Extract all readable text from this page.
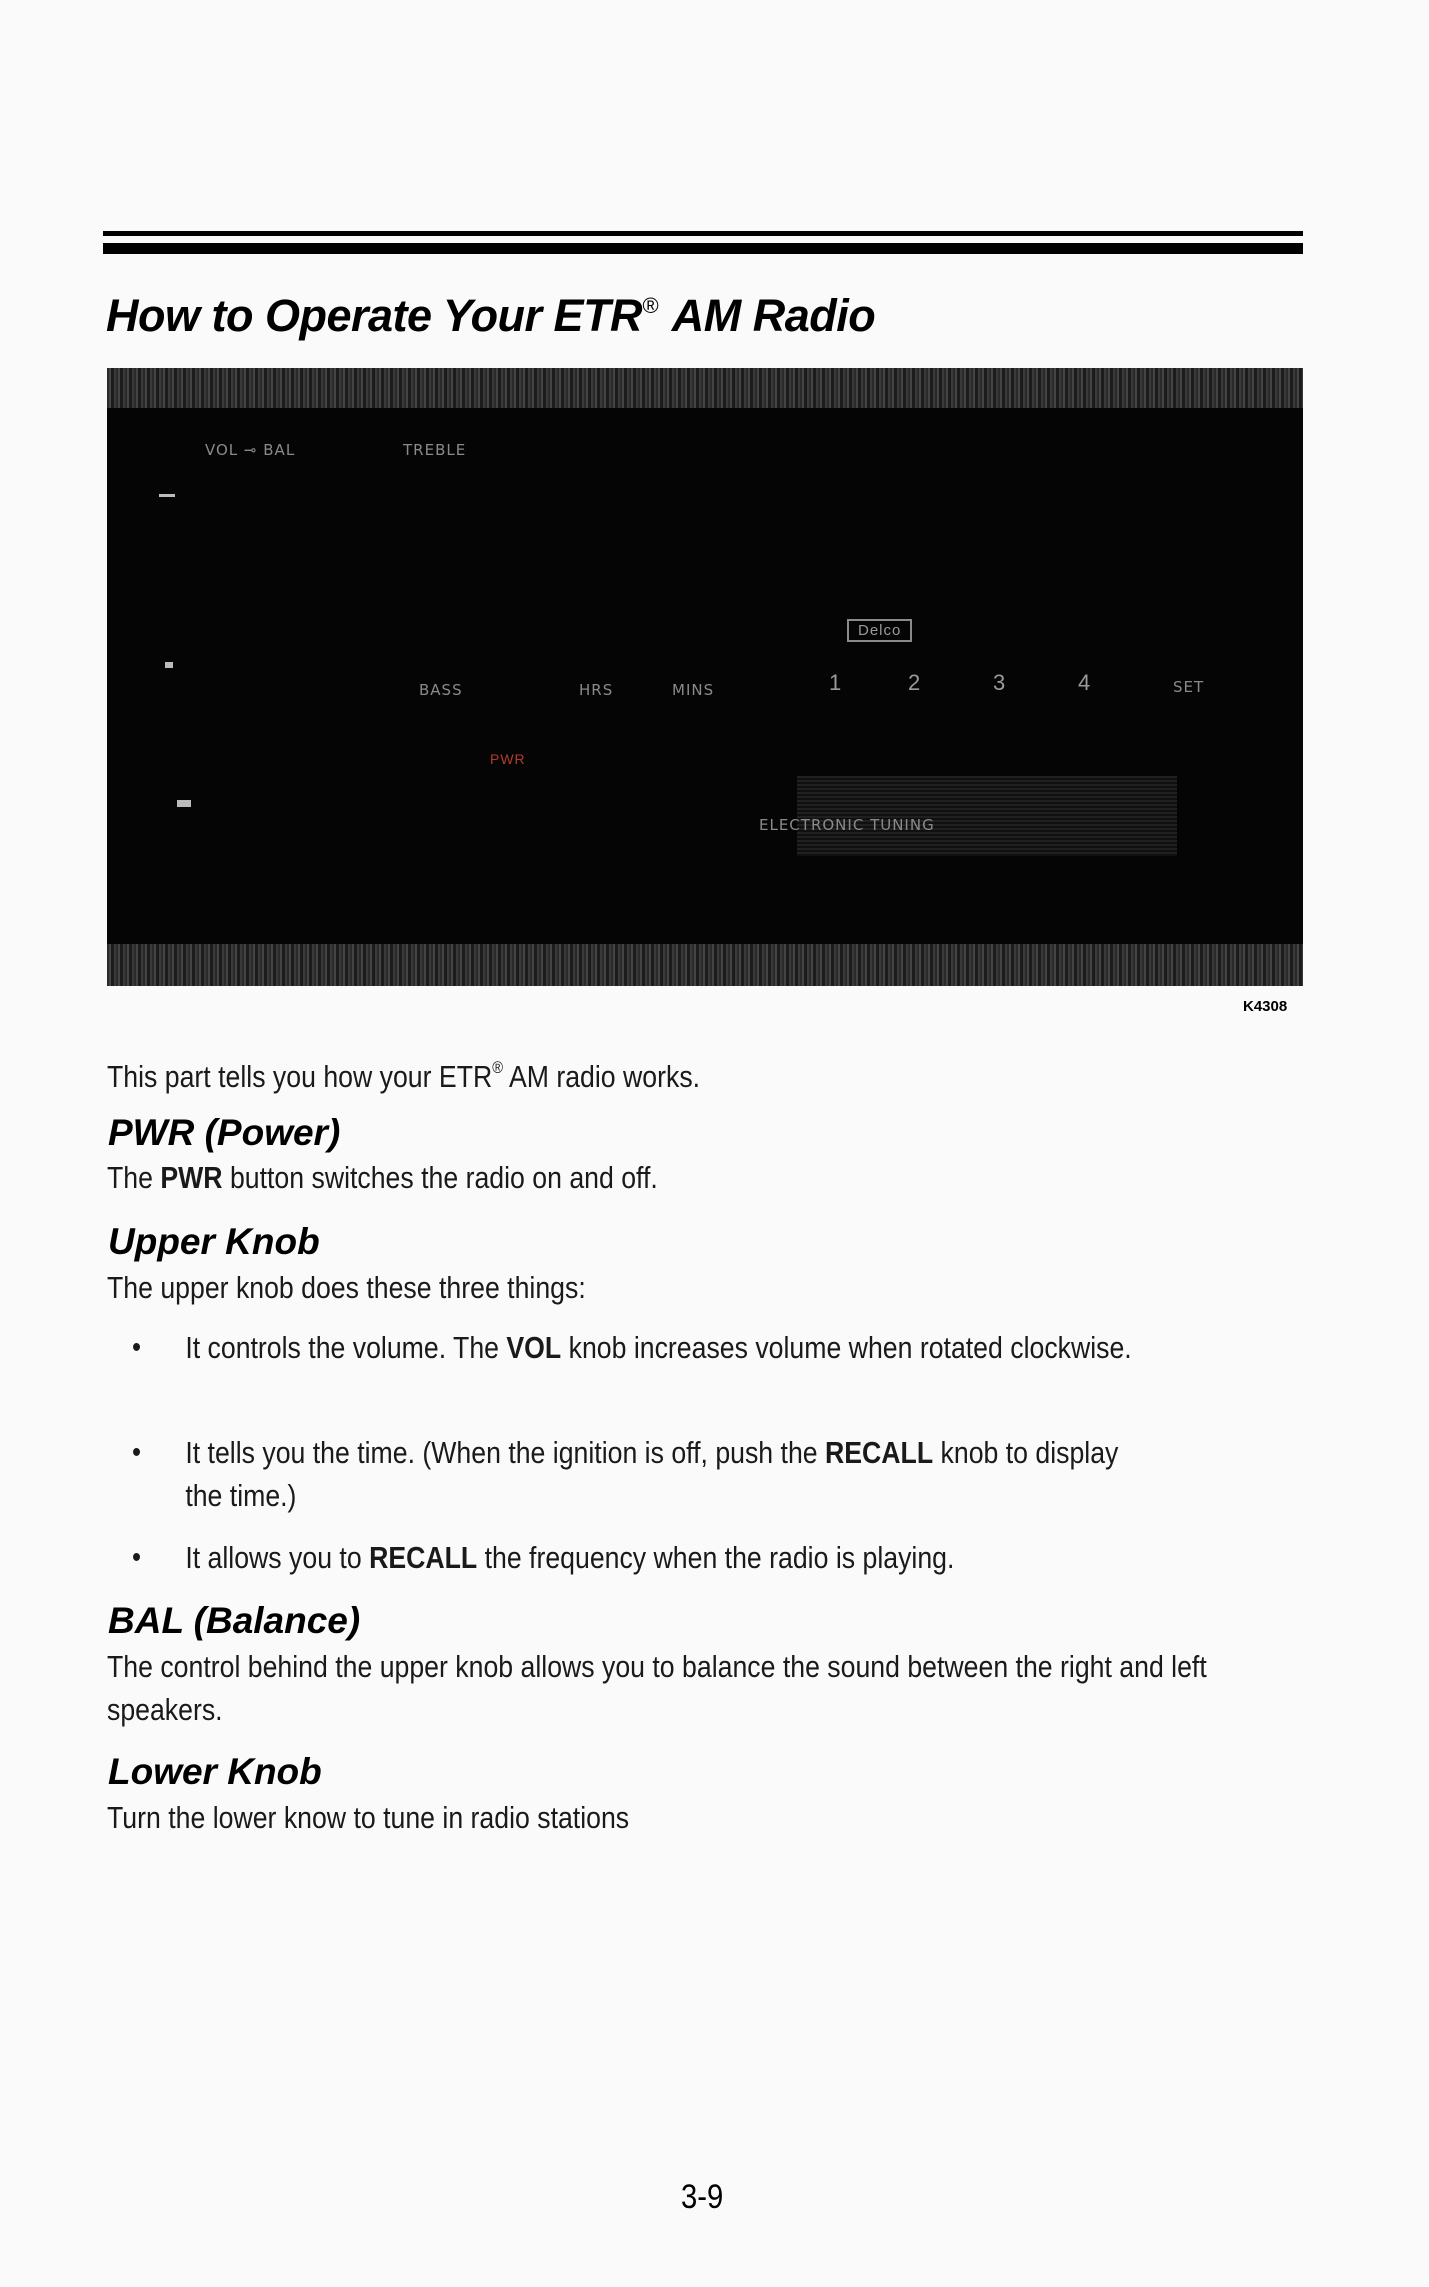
How to Operate Your ETR® AM Radio
VOL ⊸ BAL	TREBLE
BASS	HRS	MINS
Delco
1	2	3	4	SET
PWR
ELECTRONIC TUNING
K4308

This part tells you how your ETR® AM radio works.

PWR (Power)

The PWR button switches the radio on and off.

Upper Knob

The upper knob does these three things:

• It controls the volume. The VOL knob increases volume when rotated clockwise.
• It tells you the time. (When the ignition is off, push the RECALL knob to display the time.)
• It allows you to RECALL the frequency when the radio is playing.
BAL (Balance)

The control behind the upper knob allows you to balance the sound between the right and left speakers.

Lower Knob

Turn the lower know to tune in radio stations

3-9
